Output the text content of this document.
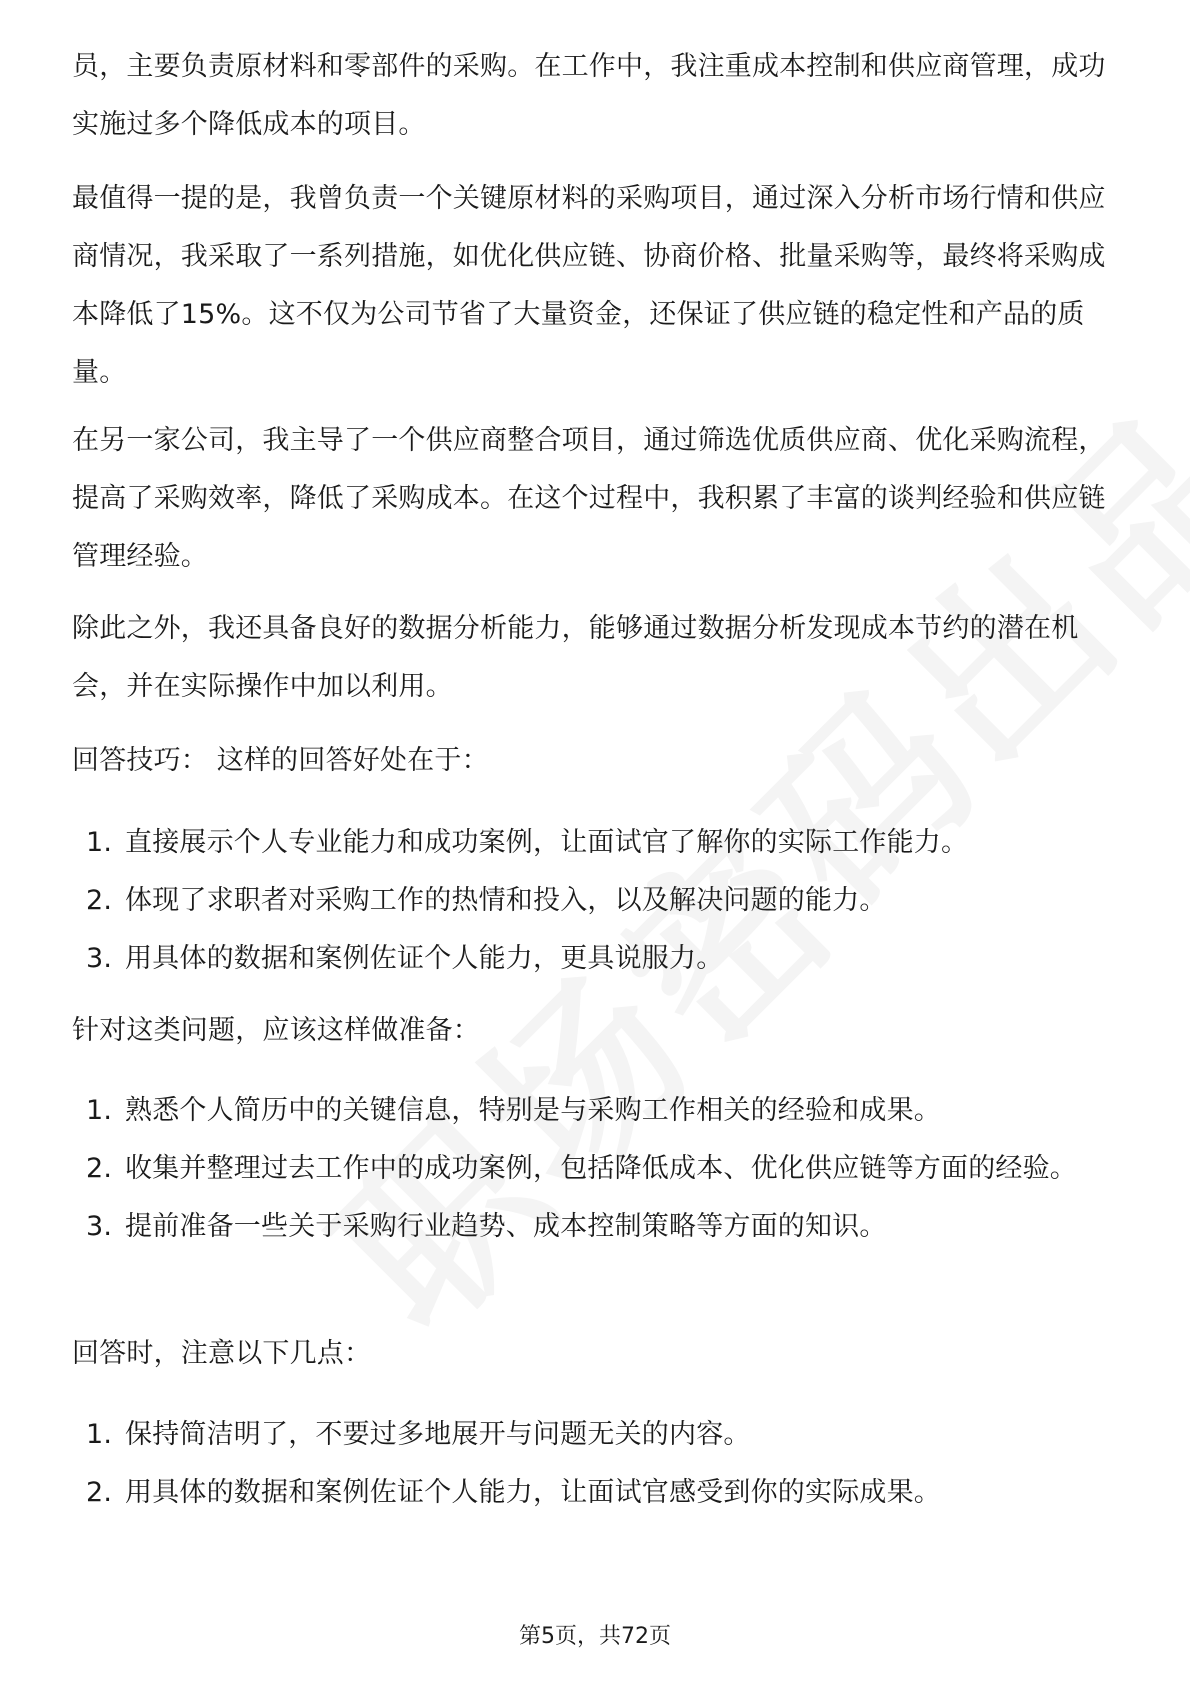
员，主要负责原材料和零部件的采购。在工作中，我注重成本控制和供应商管理，成功实施过多个降低成本的项目。

最值得一提的是，我曾负责一个关键原材料的采购项目，通过深入分析市场行情和供应商情况，我采取了一系列措施，如优化供应链、协商价格、批量采购等，最终将采购成本降低了15%。这不仅为公司节省了大量资金，还保证了供应链的稳定性和产品的质量。

在另一家公司，我主导了一个供应商整合项目，通过筛选优质供应商、优化采购流程，提高了采购效率，降低了采购成本。在这个过程中，我积累了丰富的谈判经验和供应链管理经验。

除此之外，我还具备良好的数据分析能力，能够通过数据分析发现成本节约的潜在机会，并在实际操作中加以利用。

回答技巧： 这样的回答好处在于：

1. 直接展示个人专业能力和成功案例，让面试官了解你的实际工作能力。
2. 体现了求职者对采购工作的热情和投入，以及解决问题的能力。
3. 用具体的数据和案例佐证个人能力，更具说服力。

针对这类问题，应该这样做准备：

1. 熟悉个人简历中的关键信息，特别是与采购工作相关的经验和成果。
2. 收集并整理过去工作中的成功案例，包括降低成本、优化供应链等方面的经验。
3. 提前准备一些关于采购行业趋势、成本控制策略等方面的知识。

回答时，注意以下几点：

1. 保持简洁明了，不要过多地展开与问题无关的内容。
2. 用具体的数据和案例佐证个人能力，让面试官感受到你的实际成果。
第5页，共72页
